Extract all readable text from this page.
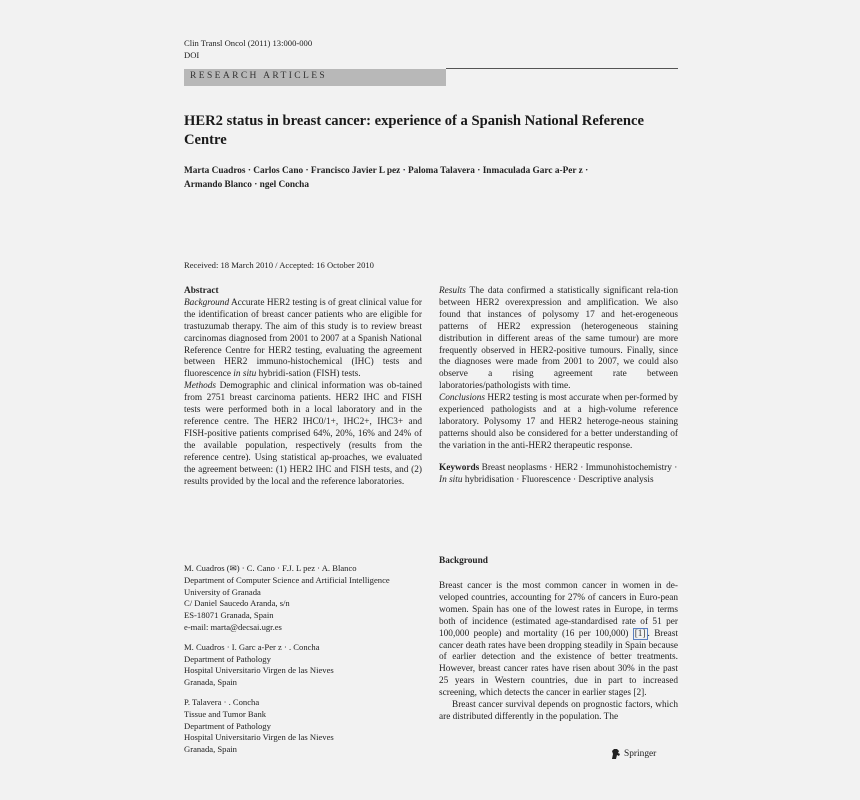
Clin Transl Oncol (2011) 13:000-000
DOI
RESEARCH ARTICLES
HER2 status in breast cancer: experience of a Spanish National Reference Centre
Marta Cuadros · Carlos Cano · Francisco Javier L pez · Paloma Talavera · Inmaculada Garc a-Per z ·
Armando Blanco · ngel Concha
Received: 18 March 2010 / Accepted: 16 October 2010
Abstract
Background Accurate HER2 testing is of great clinical value for the identification of breast cancer patients who are eligible for trastuzumab therapy. The aim of this study is to review breast carcinomas diagnosed from 2001 to 2007 at a Spanish National Reference Centre for HER2 testing, evaluating the agreement between HER2 immuno-histochemical (IHC) tests and fluorescence in situ hybridi-sation (FISH) tests.
Methods Demographic and clinical information was ob-tained from 2751 breast carcinoma patients. HER2 IHC and FISH tests were performed both in a local laboratory and in the reference centre. The HER2 IHC0/1+, IHC2+, IHC3+ and FISH-positive patients comprised 64%, 20%, 16% and 24% of the available population, respectively (results from the reference centre). Using statistical ap-proaches, we evaluated the agreement between: (1) HER2 IHC and FISH tests, and (2) results provided by the local and the reference laboratories.
Results The data confirmed a statistically significant rela-tion between HER2 overexpression and amplification. We also found that instances of polysomy 17 and het-erogeneous patterns of HER2 expression (heterogeneous staining distribution in different areas of the same tumour) are more frequently observed in HER2-positive tumours. Finally, since the diagnoses were made from 2001 to 2007, we could also observe a rising agreement rate between laboratories/pathologists with time.
Conclusions HER2 testing is most accurate when per-formed by experienced pathologists and at a high-volume reference laboratory. Polysomy 17 and HER2 heteroge-neous staining patterns should also be considered for a better understanding of the variation in the anti-HER2 therapeutic response.
Keywords Breast neoplasms · HER2 · Immunohistochemistry · In situ hybridisation · Fluorescence · Descriptive analysis

M. Cuadros (✉) · C. Cano · F.J. L pez · A. Blanco
Department of Computer Science and Artificial Intelligence
University of Granada
C/ Daniel Saucedo Aranda, s/n
ES-18071 Granada, Spain
e-mail: marta@decsai.ugr.es

M. Cuadros · I. Garc a-Per z · . Concha
Department of Pathology
Hospital Universitario Virgen de las Nieves
Granada, Spain

P. Talavera · . Concha
Tissue and Tumor Bank
Department of Pathology
Hospital Universitario Virgen de las Nieves
Granada, Spain

Background

Breast cancer is the most common cancer in women in de-veloped countries, accounting for 27% of cancers in Euro-pean women. Spain has one of the lowest rates in Europe, in terms both of incidence (estimated age-standardised rate of 51 per 100,000 people) and mortality (16 per 100,000) [1] . Breast cancer death rates have been dropping steadily in Spain because of earlier detection and the existence of better treatments. However, breast cancer rates have risen about 30% in the past 25 years in Western countries, due in part to increased screening, which detects the cancer in earlier stages [2].

Breast cancer survival depends on prognostic factors, which are distributed differently in the population. The

Springer
